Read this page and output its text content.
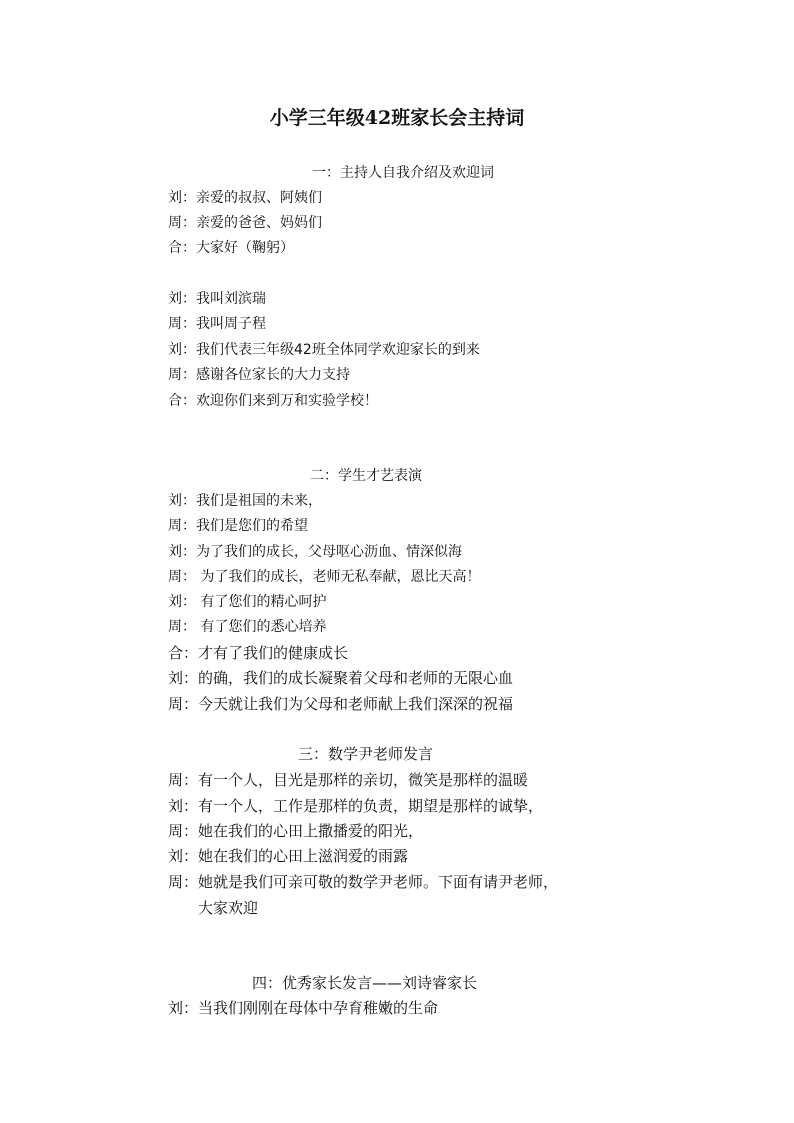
小学三年级42班家长会主持词
一：主持人自我介绍及欢迎词
刘：亲爱的叔叔、阿姨们
周：亲爱的爸爸、妈妈们
合：大家好（鞠躬）
刘：我叫刘滨瑞
周：我叫周子程
刘：我们代表三年级42班全体同学欢迎家长的到来
周：感谢各位家长的大力支持
合：欢迎你们来到万和实验学校！
二：学生才艺表演
刘：我们是祖国的未来，
周：我们是您们的希望
刘：为了我们的成长，父母呕心沥血、情深似海
周： 为了我们的成长，老师无私奉献，恩比天高！
刘： 有了您们的精心呵护
周： 有了您们的悉心培养
合：才有了我们的健康成长
刘：的确，我们的成长凝聚着父母和老师的无限心血
周：今天就让我们为父母和老师献上我们深深的祝福
三：数学尹老师发言
周：有一个人，目光是那样的亲切，微笑是那样的温暖
刘：有一个人，工作是那样的负责，期望是那样的诚挚，
周：她在我们的心田上撒播爱的阳光，
刘：她在我们的心田上滋润爱的雨露
周：她就是我们可亲可敬的数学尹老师。下面有请尹老师，
大家欢迎
四：优秀家长发言——刘诗睿家长
刘：当我们刚刚在母体中孕育稚嫩的生命
